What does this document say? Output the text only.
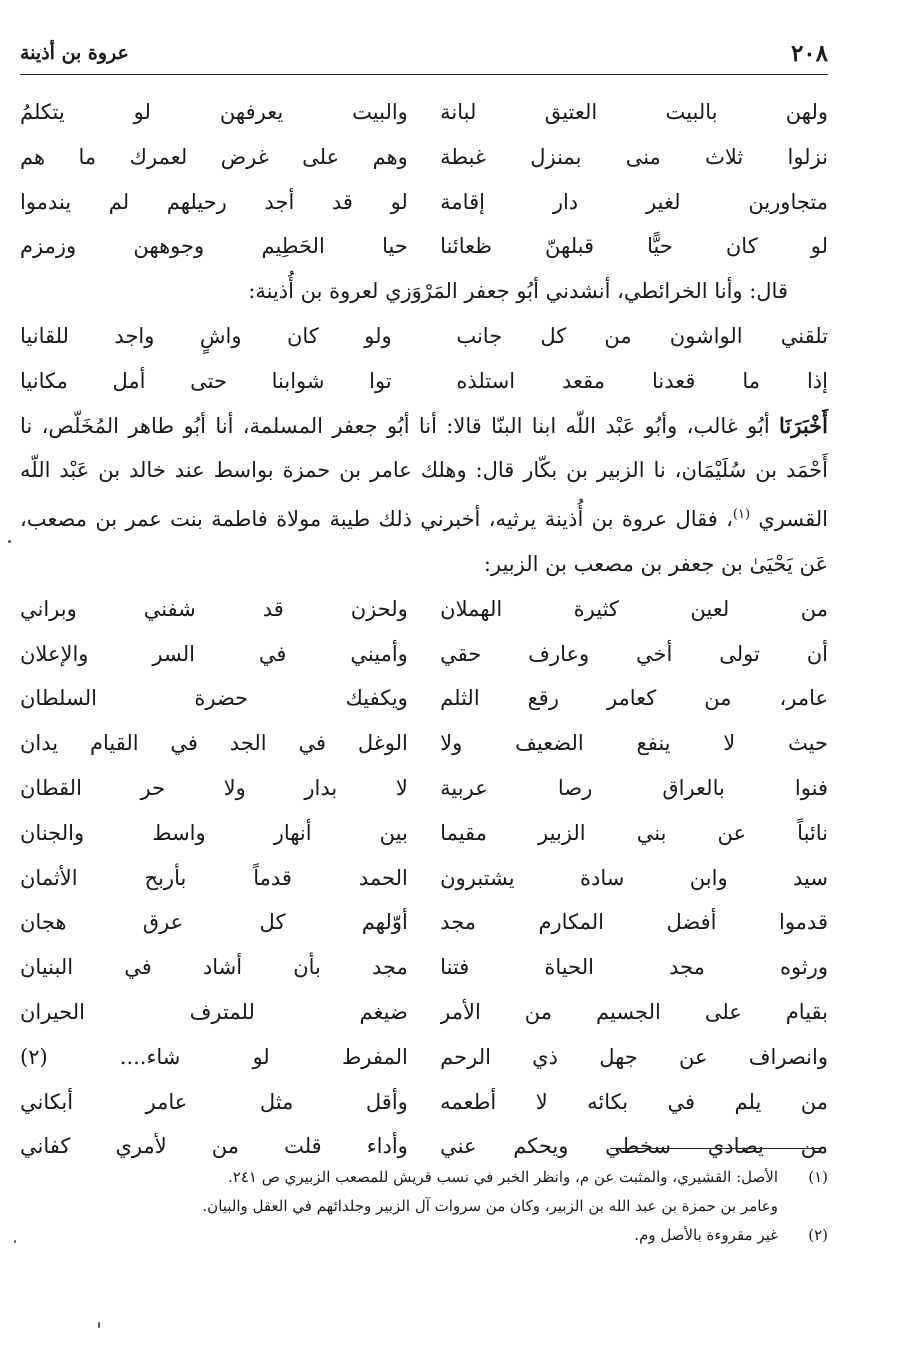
٢٠٨
عروة بن أذينة
ولهن بالبيت العتيق لبانة
والبيت يعرفهن لو يتكلمُ
نزلوا ثلاث منى بمنزل غبطة
وهم على غرض لعمرك ما هم
متجاورين لغير دار إقامة
لو قد أجد رحيلهم لم يندموا
لو كان حيًّا قبلهنّ ظعائنا
حيا الحَطِيم وجوههن وزمزم

قال: وأنا الخرائطي، أنشدني أبُو جعفر المَرْوَزي لعروة بن أُذينة:

تلقني الواشون من كل جانب
ولو كان واشٍ واجد للقانيا
إذا ما قعدنا مقعد استلذه
توا شوابنا حتى أمل مكانيا

أَخْبَرَنَا أبُو غالب، وأبُو عَبْد اللّه ابنا البنّا قالا: أنا أبُو جعفر المسلمة، أنا أبُو طاهر المُخَلّص، نا أَحْمَد بن سُلَيْمَان، نا الزبير بن بكّار قال: وهلك عامر بن حمزة بواسط عند خالد بن عَبْد اللّه القسري $^{(١)}$، فقال عروة بن أُذينة يرثيه، أخبرني ذلك طيبة مولاة فاطمة بنت عمر بن مصعب، عَن يَحْيَىٰ بن جعفر بن مصعب بن الزبير:

من لعين كثيرة الهملان
ولحزن قد شفني وبراني
أن تولى أخي وعارف حقي
وأميني في السر والإعلان
عامر، من كعامر رقع الثلم
ويكفيك حضرة السلطان
حيث لا ينفع الضعيف ولا
الوغل في الجد في القيام يدان
فنوا بالعراق رصا عربية
لا بدار ولا حر القطان
نائباً عن بني الزبير مقيما
بين أنهار واسط والجنان
سيد وابن سادة يشتبرون
الحمد قدماً بأربح الأثمان
قدموا أفضل المكارم مجد
أوّلهم كل عرق هجان
ورثوه مجد الحياة فتنا
مجد بأن أشاد في البنيان
بقيام على الجسيم من الأمر
ضيغم للمترف الحيران
وانصراف عن جهل ذي الرحم
المفرط لو شاء.... (٢)
من يلم في بكائه لا أطعمه
وأقل مثل عامر أبكاني
من يصادي سخطي ويحكم عني
وأداء قلت من لأمري كفاني
(١)الأصل: القشيري، والمثبت عن م، وانظر الخبر في نسب قريش للمصعب الزبيري ص ٢٤١.
وعامر بن حمزة بن عبد الله بن الزبير، وكان من سروات آل الزبير وجلدائهم في العقل والبيان.
(٢)غير مقروءة بالأصل وم.
